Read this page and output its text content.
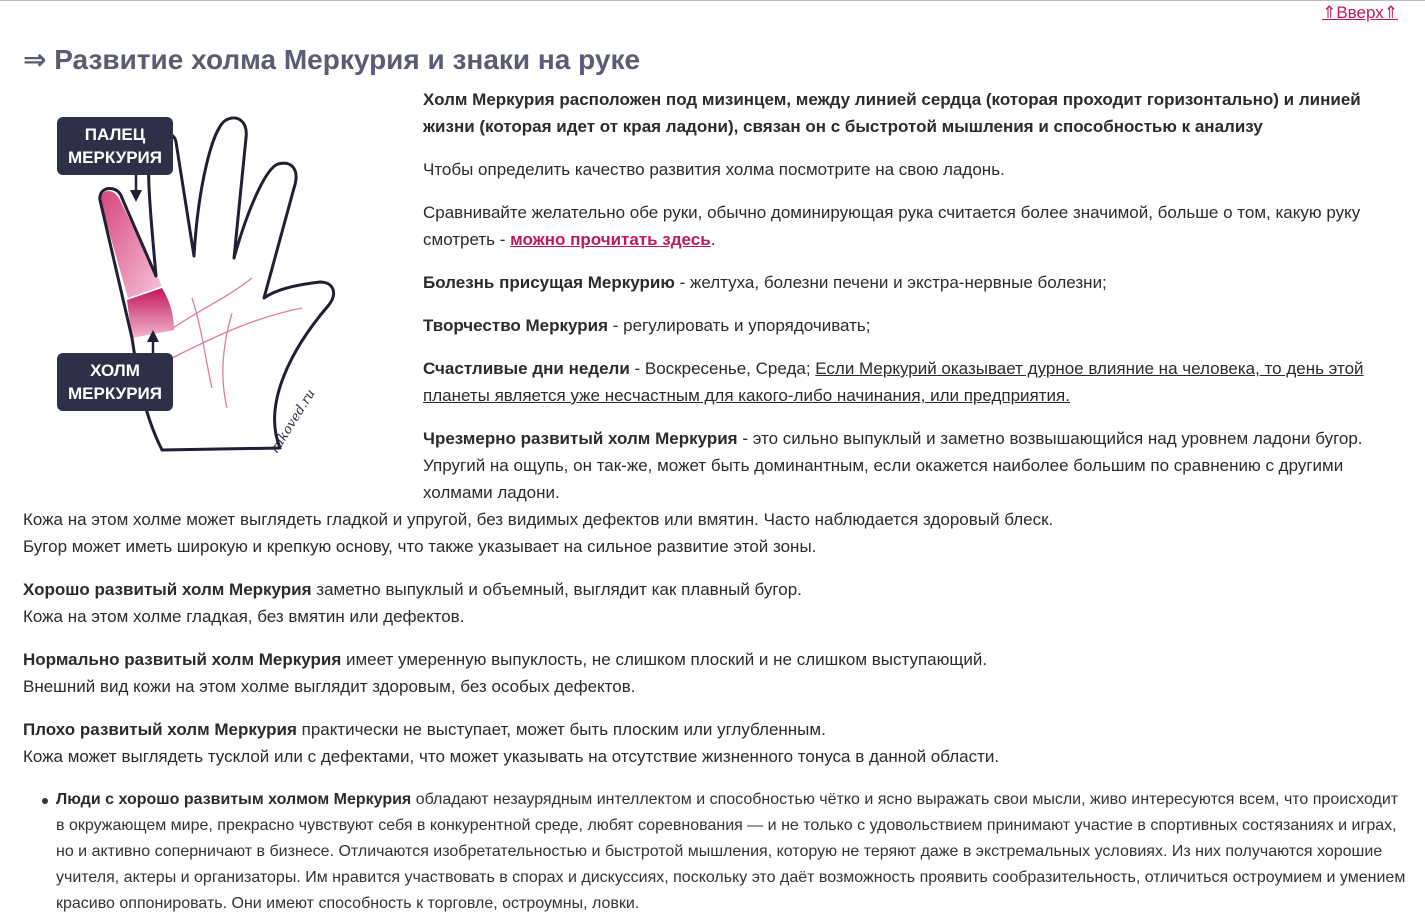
⇑Вверх⇑
⇒ Развитие холма Меркурия и знаки на руке
ПАЛЕЦ
МЕРКУРИЯ
ХОЛМ
МЕРКУРИЯ	rukoved.ru

Холм Меркурия расположен под мизинцем, между линией сердца (которая проходит горизонтально) и линией жизни (которая идет от края ладони), связан он с быстротой мышления и способностью к анализу

Чтобы определить качество развития холма посмотрите на свою ладонь.

Сравнивайте желательно обе руки, обычно доминирующая рука считается более значимой, больше о том, какую руку смотреть - можно прочитать здесь.

Болезнь присущая Меркурию - желтуха, болезни печени и экстра-нервные болезни;

Творчество Меркурия - регулировать и упорядочивать;

Счастливые дни недели - Воскресенье, Среда; Если Меркурий оказывает дурное влияние на человека, то день этой планеты является уже несчастным для какого-либо начинания, или предприятия.

Чрезмерно развитый холм Меркурия - это сильно выпуклый и заметно возвышающийся над уровнем ладони бугор. Упругий на ощупь, он так-же, может быть доминантным, если окажется наиболее большим по сравнению с другими холмами ладони.

Кожа на этом холме может выглядеть гладкой и упругой, без видимых дефектов или вмятин. Часто наблюдается здоровый блеск.
Бугор может иметь широкую и крепкую основу, что также указывает на сильное развитие этой зоны.

Хорошо развитый холм Меркурия заметно выпуклый и объемный, выглядит как плавный бугор.
Кожа на этом холме гладкая, без вмятин или дефектов.

Нормально развитый холм Меркурия имеет умеренную выпуклость, не слишком плоский и не слишком выступающий.
Внешний вид кожи на этом холме выглядит здоровым, без особых дефектов.

Плохо развитый холм Меркурия практически не выступает, может быть плоским или углубленным.
Кожа может выглядеть тусклой или с дефектами, что может указывать на отсутствие жизненного тонуса в данной области.

Люди с хорошо развитым холмом Меркурия обладают незаурядным интеллектом и способностью чётко и ясно выражать свои мысли, живо интересуются всем, что происходит в окружающем мире, прекрасно чувствуют себя в конкурентной среде, любят соревнования — и не только с удовольствием принимают участие в спортивных состязаниях и играх, но и активно соперничают в бизнесе. Отличаются изобретательностью и быстротой мышления, которую не теряют даже в экстремальных условиях. Из них получаются хорошие учителя, актеры и организаторы. Им нравится участвовать в спорах и дискуссиях, поскольку это даёт возможность проявить сообразительность, отличиться остроумием и умением красиво оппонировать. Они имеют способность к торговле, остроумны, ловки.
